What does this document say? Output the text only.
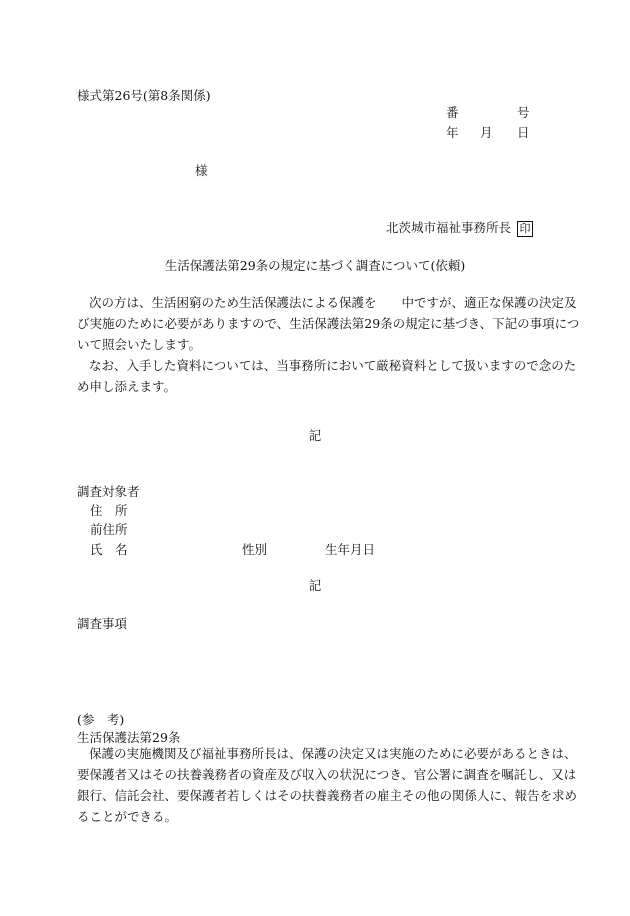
様式第26号(第8条関係)
番	号
年 月 日
様
北茨城市福祉事務所長 印
生活保護法第29条の規定に基づく調査について(依頼)
次の方は、生活困窮のため生活保護法による保護を　　中ですが、適正な保護の決定及
び実施のために必要がありますので、生活保護法第29条の規定に基づき、下記の事項につ
いて照会いたします。
なお、入手した資料については、当事務所において厳秘資料として扱いますので念のた
め申し添えます。
記
調査対象者
住　所
前住所
氏　名	性別	生年月日
記
調査事項
(参　考)
生活保護法第29条
保護の実施機関及び福祉事務所長は、保護の決定又は実施のために必要があるときは、
要保護者又はその扶養義務者の資産及び収入の状況につき、官公署に調査を嘱託し、又は
銀行、信託会社、要保護者若しくはその扶養義務者の雇主その他の関係人に、報告を求め
ることができる。
